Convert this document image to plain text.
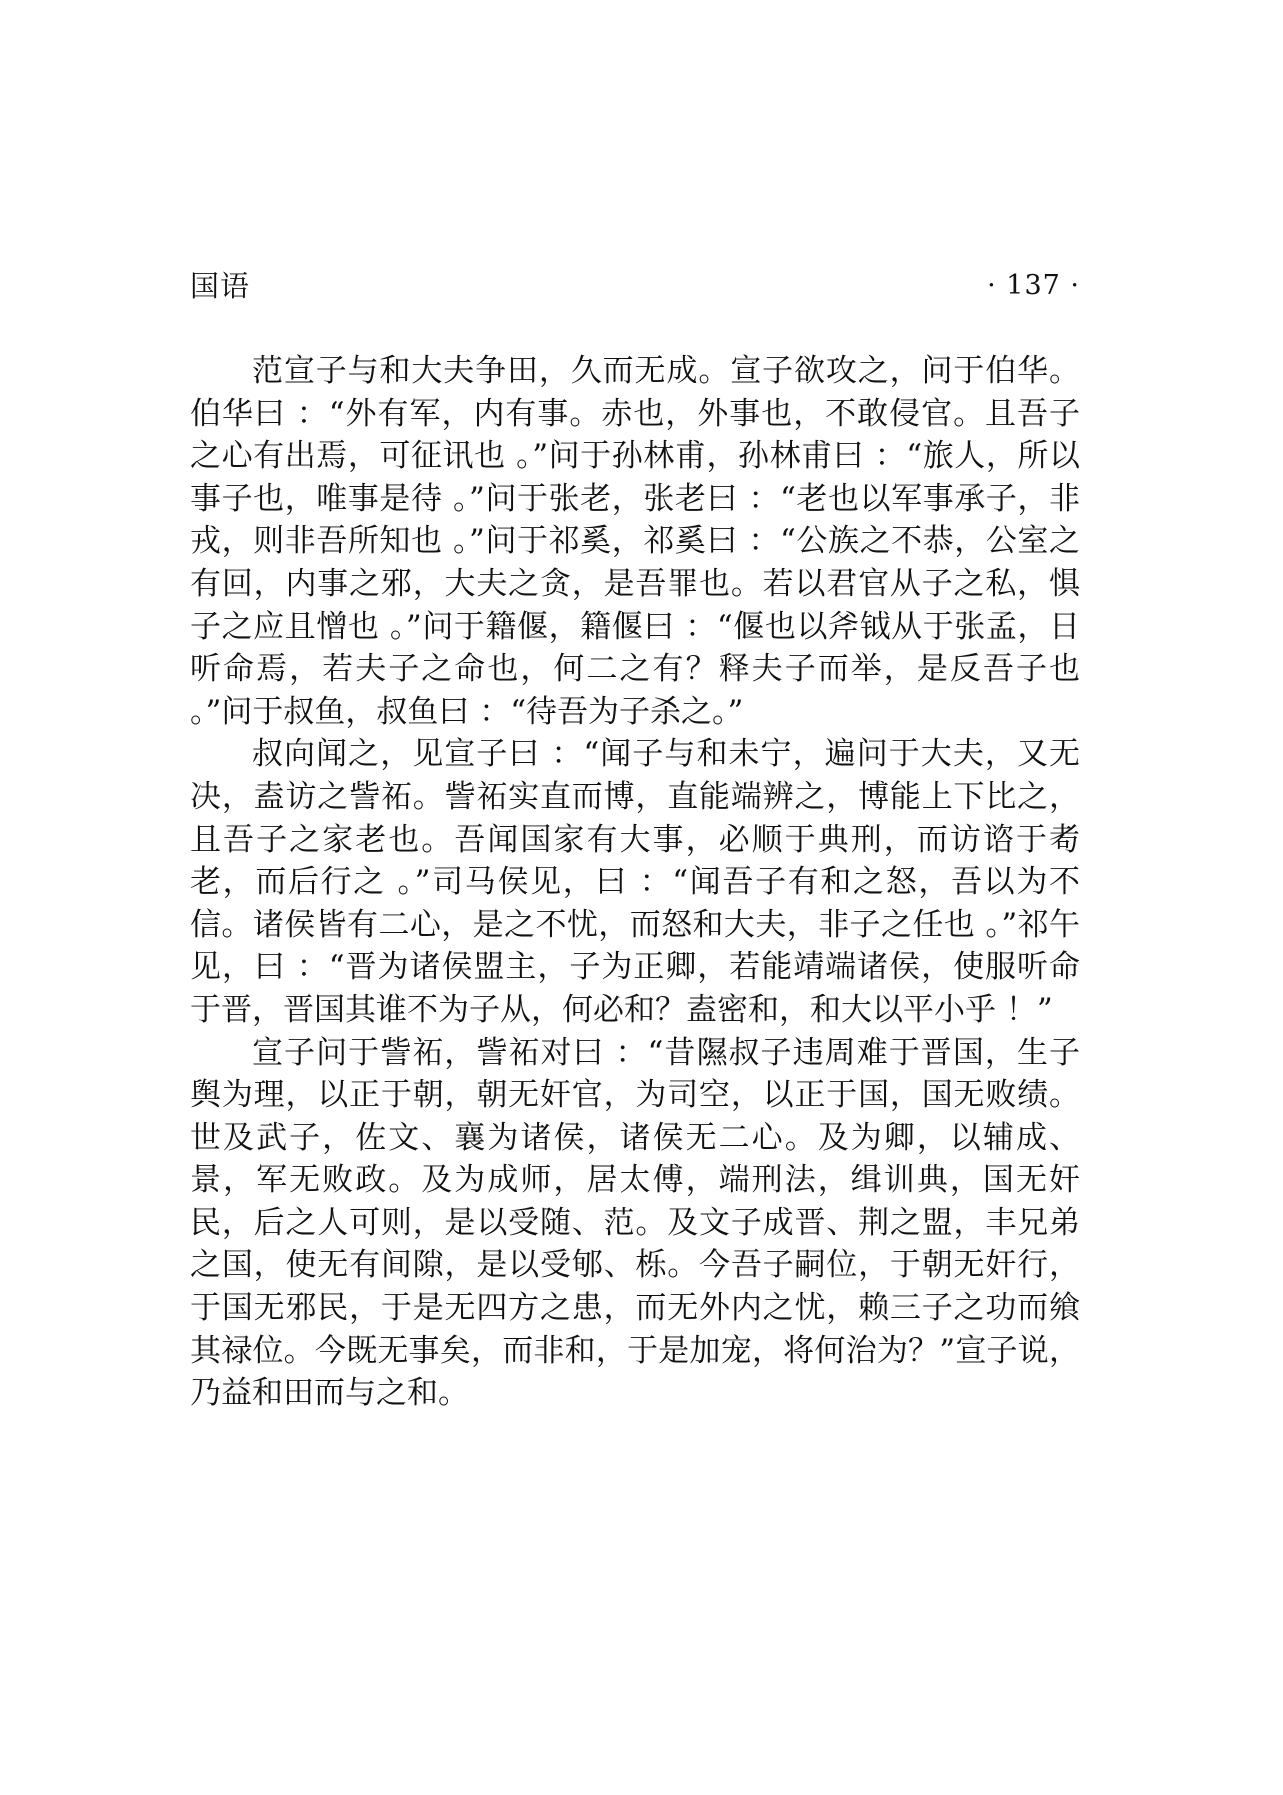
国语	· 137 ·

范宣子与和大夫争田，久而无成。宣子欲攻之，问于伯华。伯华曰 ：“外有军，内有事。赤也，外事也，不敢侵官。且吾子之心有出焉，可征讯也 。”问于孙林甫，孙林甫曰 ：“旅人，所以事子也，唯事是待 。”问于张老，张老曰 ：“老也以军事承子，非戎，则非吾所知也 。”问于祁奚，祁奚曰 ：“公族之不恭，公室之有回，内事之邪，大夫之贪，是吾罪也。若以君官从子之私，惧子之应且憎也 。”问于籍偃，籍偃曰 ：“偃也以斧钺从于张孟，日听命焉，若夫子之命也，何二之有？释夫子而举，是反吾子也 。”问于叔鱼，叔鱼曰 ：“待吾为子杀之。”

叔向闻之，见宣子曰 ：“闻子与和未宁，遍问于大夫，又无决，盍访之訾祏。訾祏实直而博，直能端辨之，博能上下比之，且吾子之家老也。吾闻国家有大事，必顺于典刑，而访谘于耇老，而后行之 。”司马侯见，曰 ：“闻吾子有和之怒，吾以为不信。诸侯皆有二心，是之不忧，而怒和大夫，非子之任也 。”祁午见，曰 ：“晋为诸侯盟主，子为正卿，若能靖端诸侯，使服听命于晋，晋国其谁不为子从，何必和？盍密和，和大以平小乎 ！”

宣子问于訾祏，訾祏对曰 ：“昔隰叔子违周难于晋国，生子舆为理，以正于朝，朝无奸官，为司空，以正于国，国无败绩。世及武子，佐文、襄为诸侯，诸侯无二心。及为卿，以辅成、景，军无败政。及为成师，居太傅，端刑法，缉训典，国无奸民，后之人可则，是以受随、范。及文子成晋、荆之盟，丰兄弟之国，使无有间隙，是以受郇、栎。今吾子嗣位，于朝无奸行，于国无邪民，于是无四方之患，而无外内之忧，赖三子之功而飨其禄位。今既无事矣，而非和，于是加宠，将何治为？”宣子说，乃益和田而与之和。
